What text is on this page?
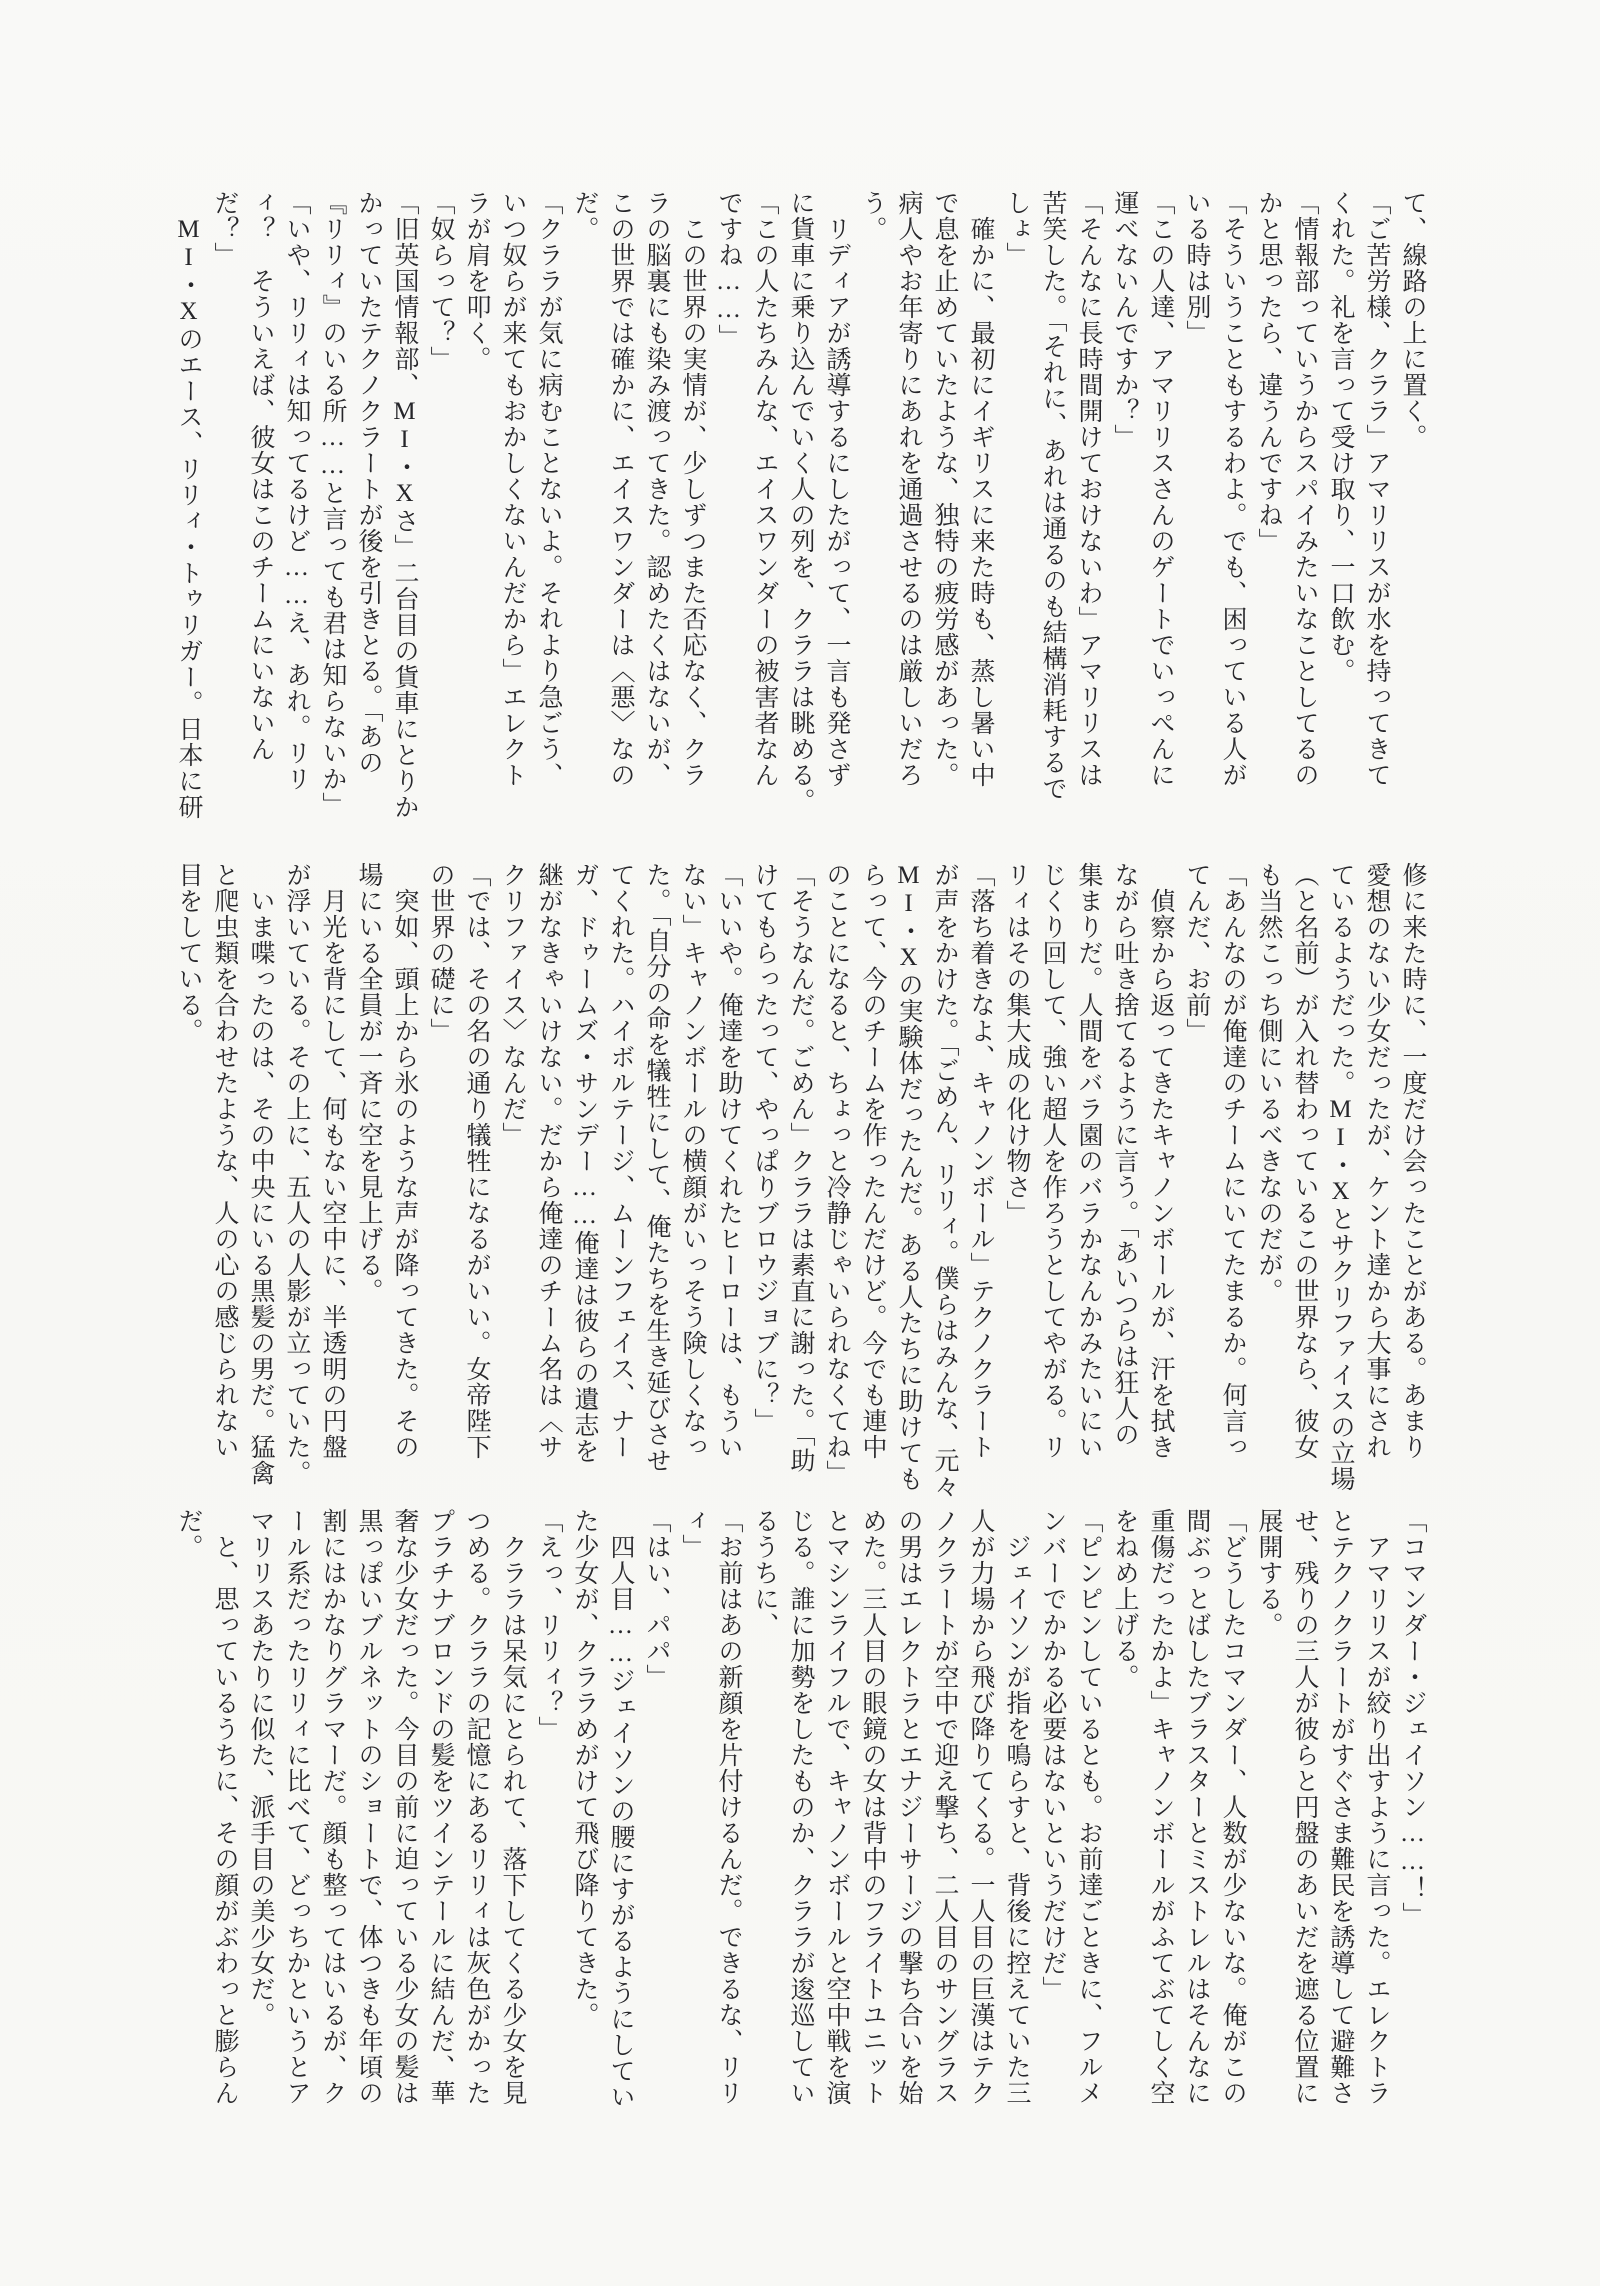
て、線路の上に置く。

「ご苦労様、クララ」アマリリスが水を持ってきて

くれた。礼を言って受け取り、一口飲む。

「情報部っていうからスパイみたいなことしてるの

かと思ったら、違うんですね」

「そういうこともするわよ。でも、困っている人が

いる時は別」

「この人達、アマリリスさんのゲートでいっぺんに

運べないんですか？」

「そんなに長時間開けておけないわ」アマリリスは

苦笑した。「それに、あれは通るのも結構消耗するで

しょ」

　確かに、最初にイギリスに来た時も、蒸し暑い中

で息を止めていたような、独特の疲労感があった。

病人やお年寄りにあれを通過させるのは厳しいだろ

う。

　リディアが誘導するにしたがって、一言も発さず

に貨車に乗り込んでいく人の列を、クララは眺める。

「この人たちみんな、エイスワンダーの被害者なん

ですね……」

　この世界の実情が、少しずつまた否応なく、クラ

ラの脳裏にも染み渡ってきた。認めたくはないが、

この世界では確かに、エイスワンダーは〈悪〉なの

だ。

「クララが気に病むことないよ。それより急ごう、

いつ奴らが来てもおかしくないんだから」エレクト

ラが肩を叩く。

「奴らって？」

「旧英国情報部、MI・Xさ」二台目の貨車にとりか

かっていたテクノクラートが後を引きとる。「あの

『リリィ』のいる所……と言っても君は知らないか」

「いや、リリィは知ってるけど……え、あれ。リリ

ィ？　そういえば、彼女はこのチームにいないん

だ？」

　MI・Xのエース、リリィ・トゥリガー。日本に研

修に来た時に、一度だけ会ったことがある。あまり

愛想のない少女だったが、ケント達から大事にされ

ているようだった。MI・Xとサクリファイスの立場

（と名前）が入れ替わっているこの世界なら、彼女

も当然こっち側にいるべきなのだが。

「あんなのが俺達のチームにいてたまるか。何言っ

てんだ、お前」

　偵察から返ってきたキャノンボールが、汗を拭き

ながら吐き捨てるように言う。「あいつらは狂人の

集まりだ。人間をバラ園のバラかなんかみたいにい

じくり回して、強い超人を作ろうとしてやがる。リ

リィはその集大成の化け物さ」

「落ち着きなよ、キャノンボール」テクノクラート

が声をかけた。「ごめん、リリィ。僕らはみんな、元々

MI・Xの実験体だったんだ。ある人たちに助けても

らって、今のチームを作ったんだけど。今でも連中

のことになると、ちょっと冷静じゃいられなくてね」

「そうなんだ。ごめん」クララは素直に謝った。「助

けてもらったって、やっぱりブロウジョブに？」

「いいや。俺達を助けてくれたヒーローは、もうい

ない」キャノンボールの横顔がいっそう険しくなっ

た。「自分の命を犠牲にして、俺たちを生き延びさせ

てくれた。ハイボルテージ、ムーンフェイス、ナー

ガ、ドゥームズ・サンデー……俺達は彼らの遺志を

継がなきゃいけない。だから俺達のチーム名は〈サ

クリファイス〉なんだ」

「では、その名の通り犠牲になるがいい。女帝陛下

の世界の礎に」

　突如、頭上から氷のような声が降ってきた。その

場にいる全員が一斉に空を見上げる。

　月光を背にして、何もない空中に、半透明の円盤

が浮いている。その上に、五人の人影が立っていた。

　いま喋ったのは、その中央にいる黒髪の男だ。猛禽

と爬虫類を合わせたような、人の心の感じられない

目をしている。

「コマンダー・ジェイソン……！」

　アマリリスが絞り出すように言った。エレクトラ

とテクノクラートがすぐさま難民を誘導して避難さ

せ、残りの三人が彼らと円盤のあいだを遮る位置に

展開する。

「どうしたコマンダー、人数が少ないな。俺がこの

間ぶっとばしたブラスターとミストレルはそんなに

重傷だったかよ」キャノンボールがふてぶてしく空

をねめ上げる。

「ピンピンしているとも。お前達ごときに、フルメ

ンバーでかかる必要はないというだけだ」

　ジェイソンが指を鳴らすと、背後に控えていた三

人が力場から飛び降りてくる。一人目の巨漢はテク

ノクラートが空中で迎え撃ち、二人目のサングラス

の男はエレクトラとエナジーサージの撃ち合いを始

めた。三人目の眼鏡の女は背中のフライトユニット

とマシンライフルで、キャノンボールと空中戦を演

じる。誰に加勢をしたものか、クララが逡巡してい

るうちに、

「お前はあの新顔を片付けるんだ。できるな、リリ

ィ」

「はい、パパ」

　四人目……ジェイソンの腰にすがるようにしてい

た少女が、クララめがけて飛び降りてきた。

「えっ、リリィ？」

　クララは呆気にとられて、落下してくる少女を見

つめる。クララの記憶にあるリリィは灰色がかった

プラチナブロンドの髪をツインテールに結んだ、華

奢な少女だった。今目の前に迫っている少女の髪は

黒っぽいブルネットのショートで、体つきも年頃の

割にはかなりグラマーだ。顔も整ってはいるが、ク

ール系だったリリィに比べて、どっちかというとア

マリリスあたりに似た、派手目の美少女だ。

　と、思っているうちに、その顔がぶわっと膨らん

だ。
